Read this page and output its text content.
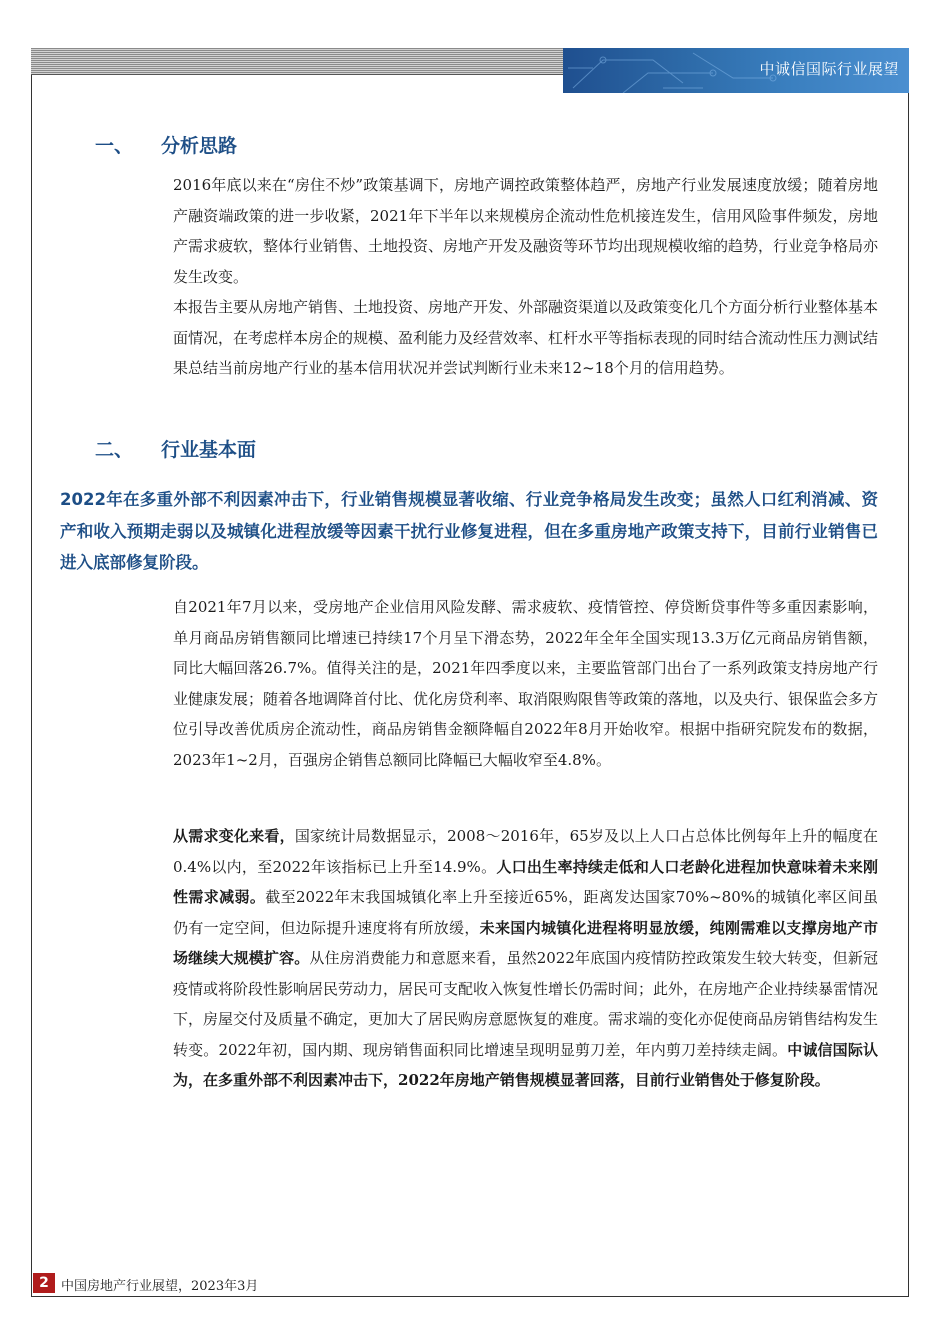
中诚信国际行业展望
一、 分析思路

2016年底以来在“房住不炒”政策基调下，房地产调控政策整体趋严，房地产行业发展速度放缓；随着房地产融资端政策的进一步收紧，2021年下半年以来规模房企流动性危机接连发生，信用风险事件频发，房地产需求疲软，整体行业销售、土地投资、房地产开发及融资等环节均出现规模收缩的趋势，行业竞争格局亦发生改变。

本报告主要从房地产销售、土地投资、房地产开发、外部融资渠道以及政策变化几个方面分析行业整体基本面情况，在考虑样本房企的规模、盈利能力及经营效率、杠杆水平等指标表现的同时结合流动性压力测试结果总结当前房地产行业的基本信用状况并尝试判断行业未来12~18个月的信用趋势。

二、 行业基本面

2022年在多重外部不利因素冲击下，行业销售规模显著收缩、行业竞争格局发生改变；虽然人口红利消减、资产和收入预期走弱以及城镇化进程放缓等因素干扰行业修复进程，但在多重房地产政策支持下，目前行业销售已进入底部修复阶段。

自2021年7月以来，受房地产企业信用风险发酵、需求疲软、疫情管控、停贷断贷事件等多重因素影响，单月商品房销售额同比增速已持续17个月呈下滑态势，2022年全年全国实现13.3万亿元商品房销售额，同比大幅回落26.7%。值得关注的是，2021年四季度以来，主要监管部门出台了一系列政策支持房地产行业健康发展；随着各地调降首付比、优化房贷利率、取消限购限售等政策的落地，以及央行、银保监会多方位引导改善优质房企流动性，商品房销售金额降幅自2022年8月开始收窄。根据中指研究院发布的数据，2023年1~2月，百强房企销售总额同比降幅已大幅收窄至4.8%。

从需求变化来看，国家统计局数据显示，2008～2016年，65岁及以上人口占总体比例每年上升的幅度在0.4%以内，至2022年该指标已上升至14.9%。人口出生率持续走低和人口老龄化进程加快意味着未来刚性需求减弱。截至2022年末我国城镇化率上升至接近65%，距离发达国家70%~80%的城镇化率区间虽仍有一定空间，但边际提升速度将有所放缓，未来国内城镇化进程将明显放缓，纯刚需难以支撑房地产市场继续大规模扩容。从住房消费能力和意愿来看，虽然2022年底国内疫情防控政策发生较大转变，但新冠疫情或将阶段性影响居民劳动力，居民可支配收入恢复性增长仍需时间；此外，在房地产企业持续暴雷情况下，房屋交付及质量不确定，更加大了居民购房意愿恢复的难度。需求端的变化亦促使商品房销售结构发生转变。2022年初，国内期、现房销售面积同比增速呈现明显剪刀差，年内剪刀差持续走阔。中诚信国际认为，在多重外部不利因素冲击下，2022年房地产销售规模显著回落，目前行业销售处于修复阶段。

2 中国房地产行业展望，2023年3月
